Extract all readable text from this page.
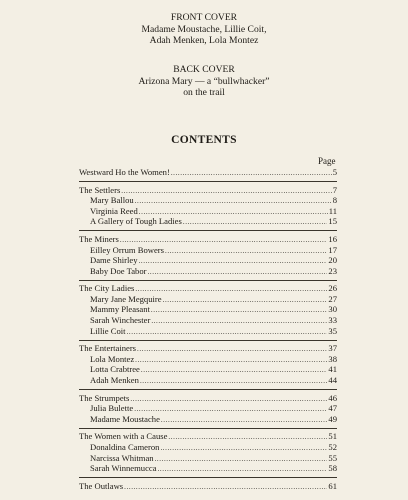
FRONT COVER
Madame Moustache, Lillie Coit,
Adah Menken, Lola Montez
BACK COVER
Arizona Mary — a “bullwhacker”
on the trail
CONTENTS
Page
Westward Ho the Women! .....	5
The Settlers .....	7
Mary Ballou .....	8
Virginia Reed .....	11
A Gallery of Tough Ladies .....	15
The Miners .....	16
Eilley Orrum Bowers .....	17
Dame Shirley .....	20
Baby Doe Tabor .....	23
The City Ladies .....	26
Mary Jane Megquire .....	27
Mammy Pleasant .....	30
Sarah Winchester .....	33
Lillie Coit .....	35
The Entertainers .....	37
Lola Montez .....	38
Lotta Crabtree .....	41
Adah Menken .....	44
The Strumpets .....	46
Julia Bulette .....	47
Madame Moustache .....	49
The Women with a Cause .....	51
Donaldina Cameron .....	52
Narcissa Whitman .....	55
Sarah Winnemucca .....	58
The Outlaws .....	61
